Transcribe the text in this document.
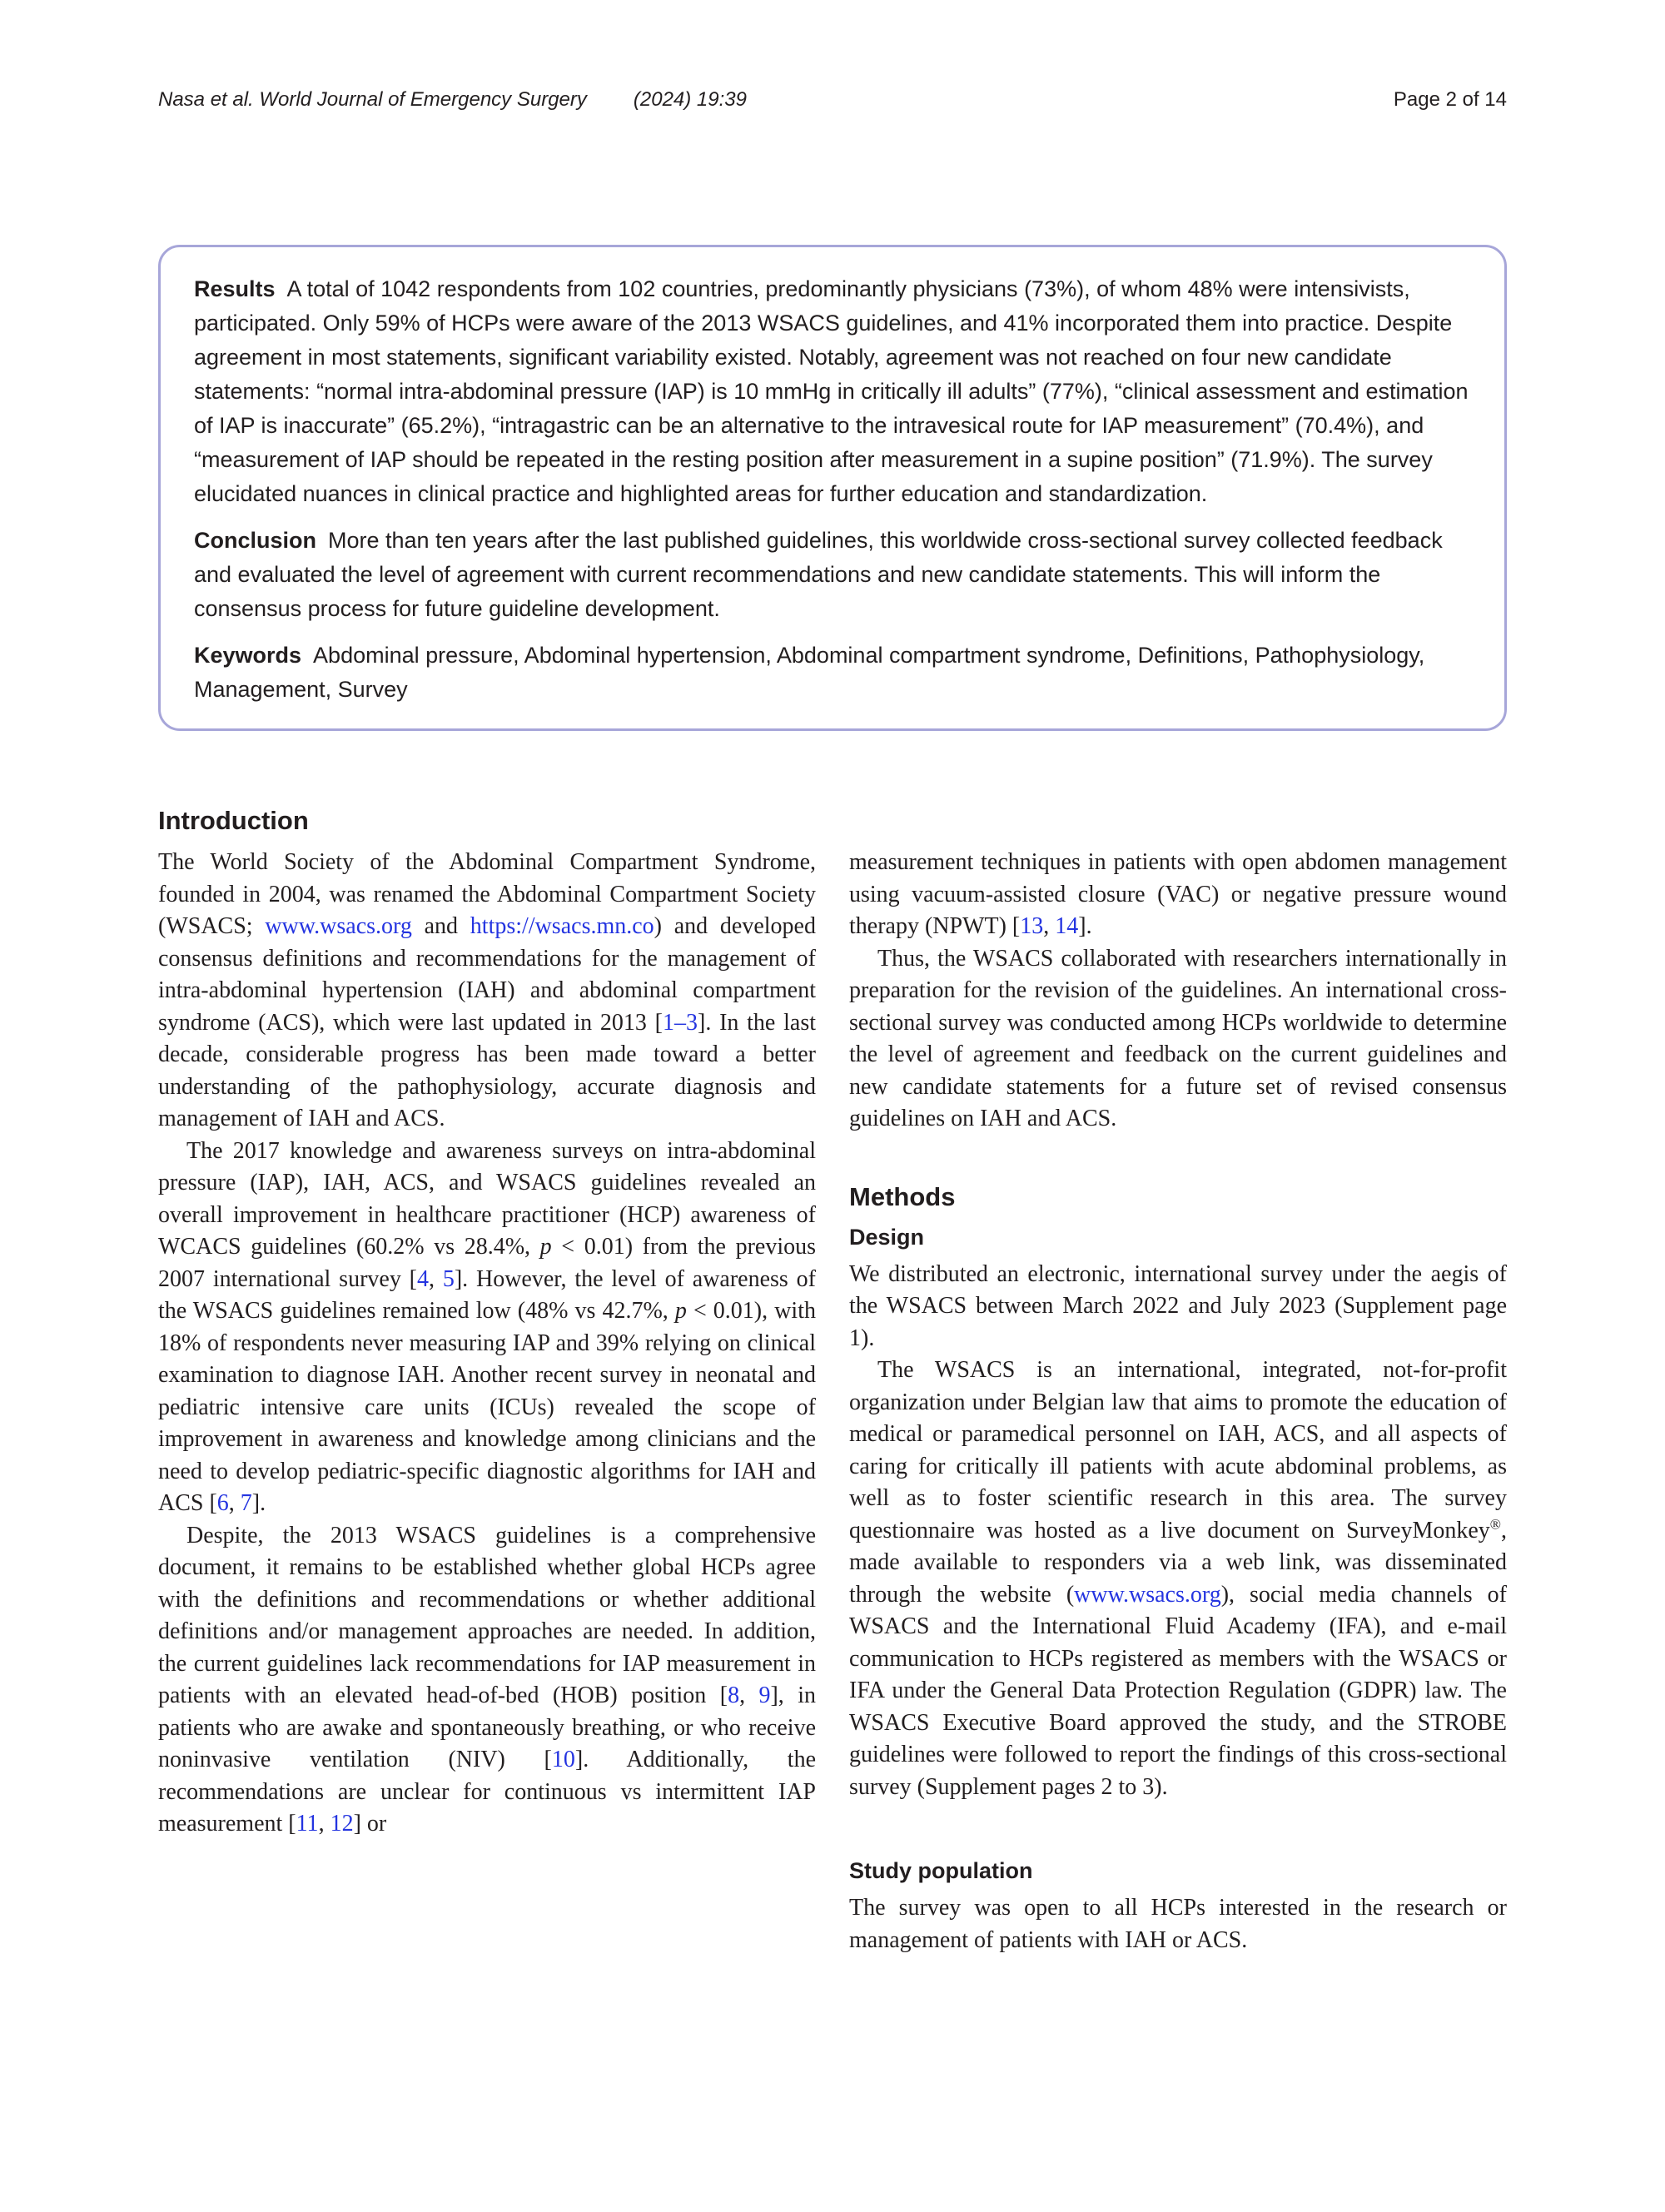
Nasa et al. World Journal of Emergency Surgery (2024) 19:39	Page 2 of 14

Results A total of 1042 respondents from 102 countries, predominantly physicians (73%), of whom 48% were intensivists, participated. Only 59% of HCPs were aware of the 2013 WSACS guidelines, and 41% incorporated them into practice. Despite agreement in most statements, significant variability existed. Notably, agreement was not reached on four new candidate statements: “normal intra-abdominal pressure (IAP) is 10 mmHg in critically ill adults” (77%), “clinical assessment and estimation of IAP is inaccurate” (65.2%), “intragastric can be an alternative to the intravesical route for IAP measurement” (70.4%), and “measurement of IAP should be repeated in the resting position after measurement in a supine position” (71.9%). The survey elucidated nuances in clinical practice and highlighted areas for further education and standardization.

Conclusion More than ten years after the last published guidelines, this worldwide cross-sectional survey collected feedback and evaluated the level of agreement with current recommendations and new candidate statements. This will inform the consensus process for future guideline development.

Keywords Abdominal pressure, Abdominal hypertension, Abdominal compartment syndrome, Definitions, Pathophysiology, Management, Survey

Introduction

The World Society of the Abdominal Compartment Syndrome, founded in 2004, was renamed the Abdominal Compartment Society (WSACS; www.wsacs.org and https://wsacs.mn.co) and developed consensus definitions and recommendations for the management of intra-abdominal hypertension (IAH) and abdominal compartment syndrome (ACS), which were last updated in 2013 [1–3]. In the last decade, considerable progress has been made toward a better understanding of the pathophysiology, accurate diagnosis and management of IAH and ACS.

The 2017 knowledge and awareness surveys on intra-abdominal pressure (IAP), IAH, ACS, and WSACS guidelines revealed an overall improvement in healthcare practitioner (HCP) awareness of WCACS guidelines (60.2% vs 28.4%, p < 0.01) from the previous 2007 international survey [4, 5]. However, the level of awareness of the WSACS guidelines remained low (48% vs 42.7%, p < 0.01), with 18% of respondents never measuring IAP and 39% relying on clinical examination to diagnose IAH. Another recent survey in neonatal and pediatric intensive care units (ICUs) revealed the scope of improvement in awareness and knowledge among clinicians and the need to develop pediatric-specific diagnostic algorithms for IAH and ACS [6, 7].

Despite, the 2013 WSACS guidelines is a comprehensive document, it remains to be established whether global HCPs agree with the definitions and recommendations or whether additional definitions and/or management approaches are needed. In addition, the current guidelines lack recommendations for IAP measurement in patients with an elevated head-of-bed (HOB) position [8, 9], in patients who are awake and spontaneously breathing, or who receive noninvasive ventilation (NIV) [10]. Additionally, the recommendations are unclear for continuous vs intermittent IAP measurement [11, 12] or

measurement techniques in patients with open abdomen management using vacuum-assisted closure (VAC) or negative pressure wound therapy (NPWT) [13, 14].

Thus, the WSACS collaborated with researchers internationally in preparation for the revision of the guidelines. An international cross-sectional survey was conducted among HCPs worldwide to determine the level of agreement and feedback on the current guidelines and new candidate statements for a future set of revised consensus guidelines on IAH and ACS.

Methods
Design

We distributed an electronic, international survey under the aegis of the WSACS between March 2022 and July 2023 (Supplement page 1).

The WSACS is an international, integrated, not-for-profit organization under Belgian law that aims to promote the education of medical or paramedical personnel on IAH, ACS, and all aspects of caring for critically ill patients with acute abdominal problems, as well as to foster scientific research in this area. The survey questionnaire was hosted as a live document on SurveyMonkey®, made available to responders via a web link, was disseminated through the website (www.wsacs.org), social media channels of WSACS and the International Fluid Academy (IFA), and e-mail communication to HCPs registered as members with the WSACS or IFA under the General Data Protection Regulation (GDPR) law. The WSACS Executive Board approved the study, and the STROBE guidelines were followed to report the findings of this cross-sectional survey (Supplement pages 2 to 3).

Study population

The survey was open to all HCPs interested in the research or management of patients with IAH or ACS.
